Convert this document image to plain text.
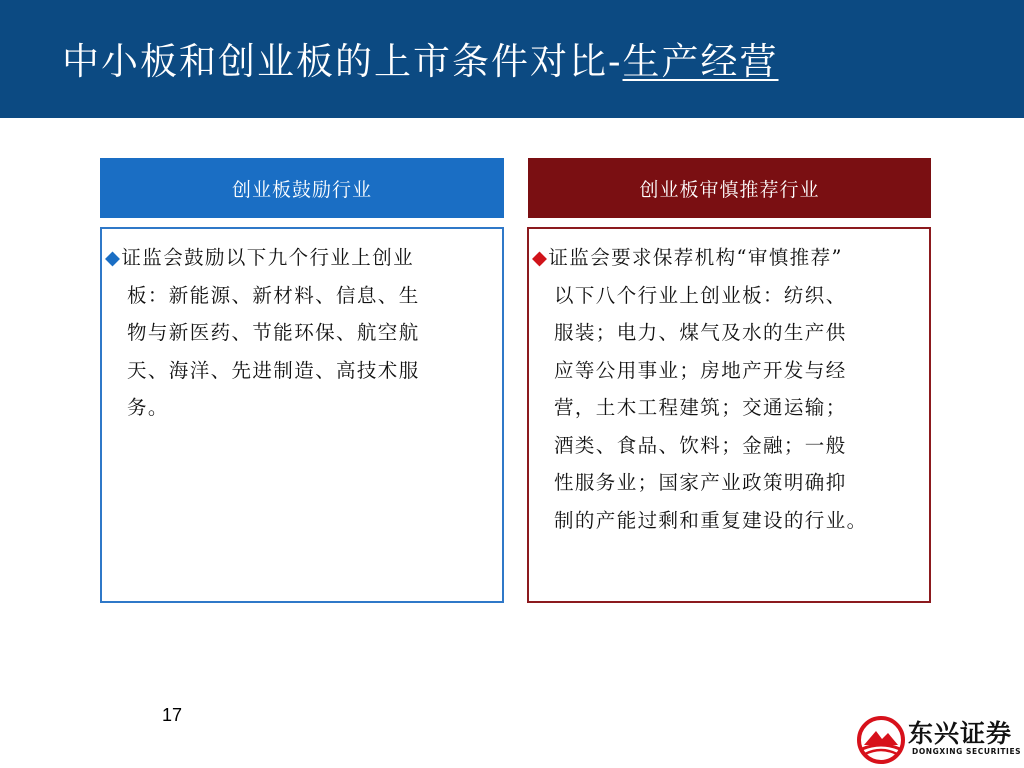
中小板和创业板的上市条件对比-生产经营
创业板鼓励行业	创业板审慎推荐行业
◆证监会鼓励以下九个行业上创业
板：新能源、新材料、信息、生
物与新医药、节能环保、航空航
天、海洋、先进制造、高技术服
务。
◆证监会要求保荐机构“审慎推荐”
以下八个行业上创业板：纺织、
服装；电力、煤气及水的生产供
应等公用事业；房地产开发与经
营，土木工程建筑；交通运输；
酒类、食品、饮料；金融；一般
性服务业；国家产业政策明确抑
制的产能过剩和重复建设的行业。
17
东兴证券
DONGXING SECURITIES
